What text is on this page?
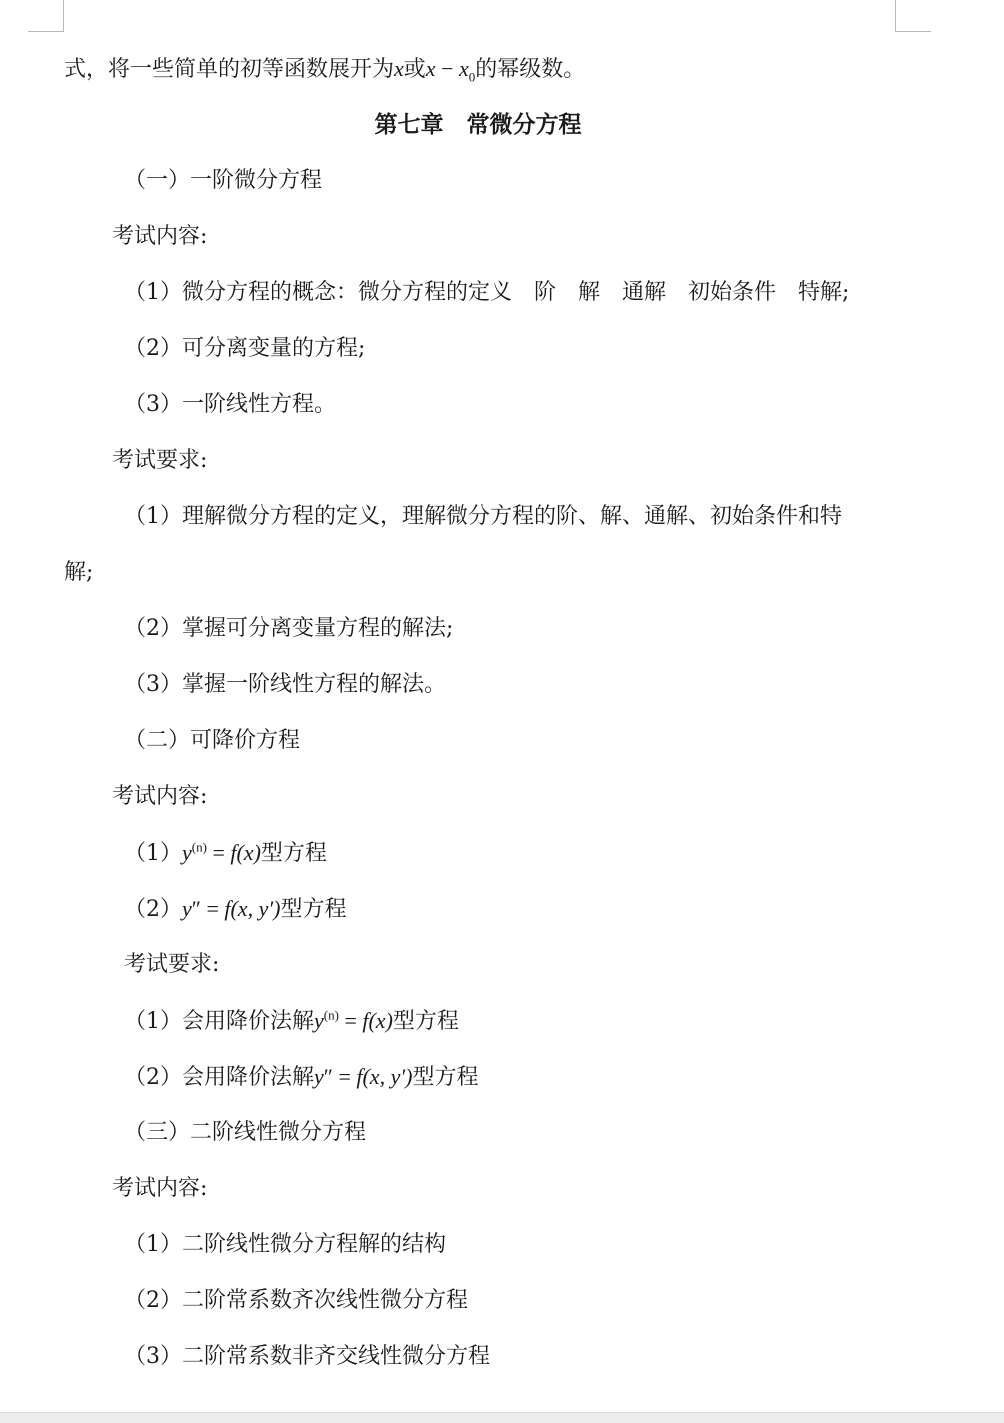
式，将一些简单的初等函数展开为x或$x - x_0$的幂级数。
第七章　常微分方程
（一）一阶微分方程
考试内容:
（1）微分方程的概念：微分方程的定义　阶　解　通解　初始条件　特解;
（2）可分离变量的方程;
（3）一阶线性方程。
考试要求:
（1）理解微分方程的定义，理解微分方程的阶、解、通解、初始条件和特
解;
（2）掌握可分离变量方程的解法;
（3）掌握一阶线性方程的解法。
（二）可降价方程
考试内容:
$(1)y^{(n)} = f(x)$型方程
（2）y″ = f(x, y′)型方程
考试要求:
（1）会用降价法解$y^{(n)} = f(x)$型方程
（2）会用降价法解y″ = f(x, y′)型方程
（三）二阶线性微分方程
考试内容:
（1）二阶线性微分方程解的结构
（2）二阶常系数齐次线性微分方程
（3）二阶常系数非齐交线性微分方程
